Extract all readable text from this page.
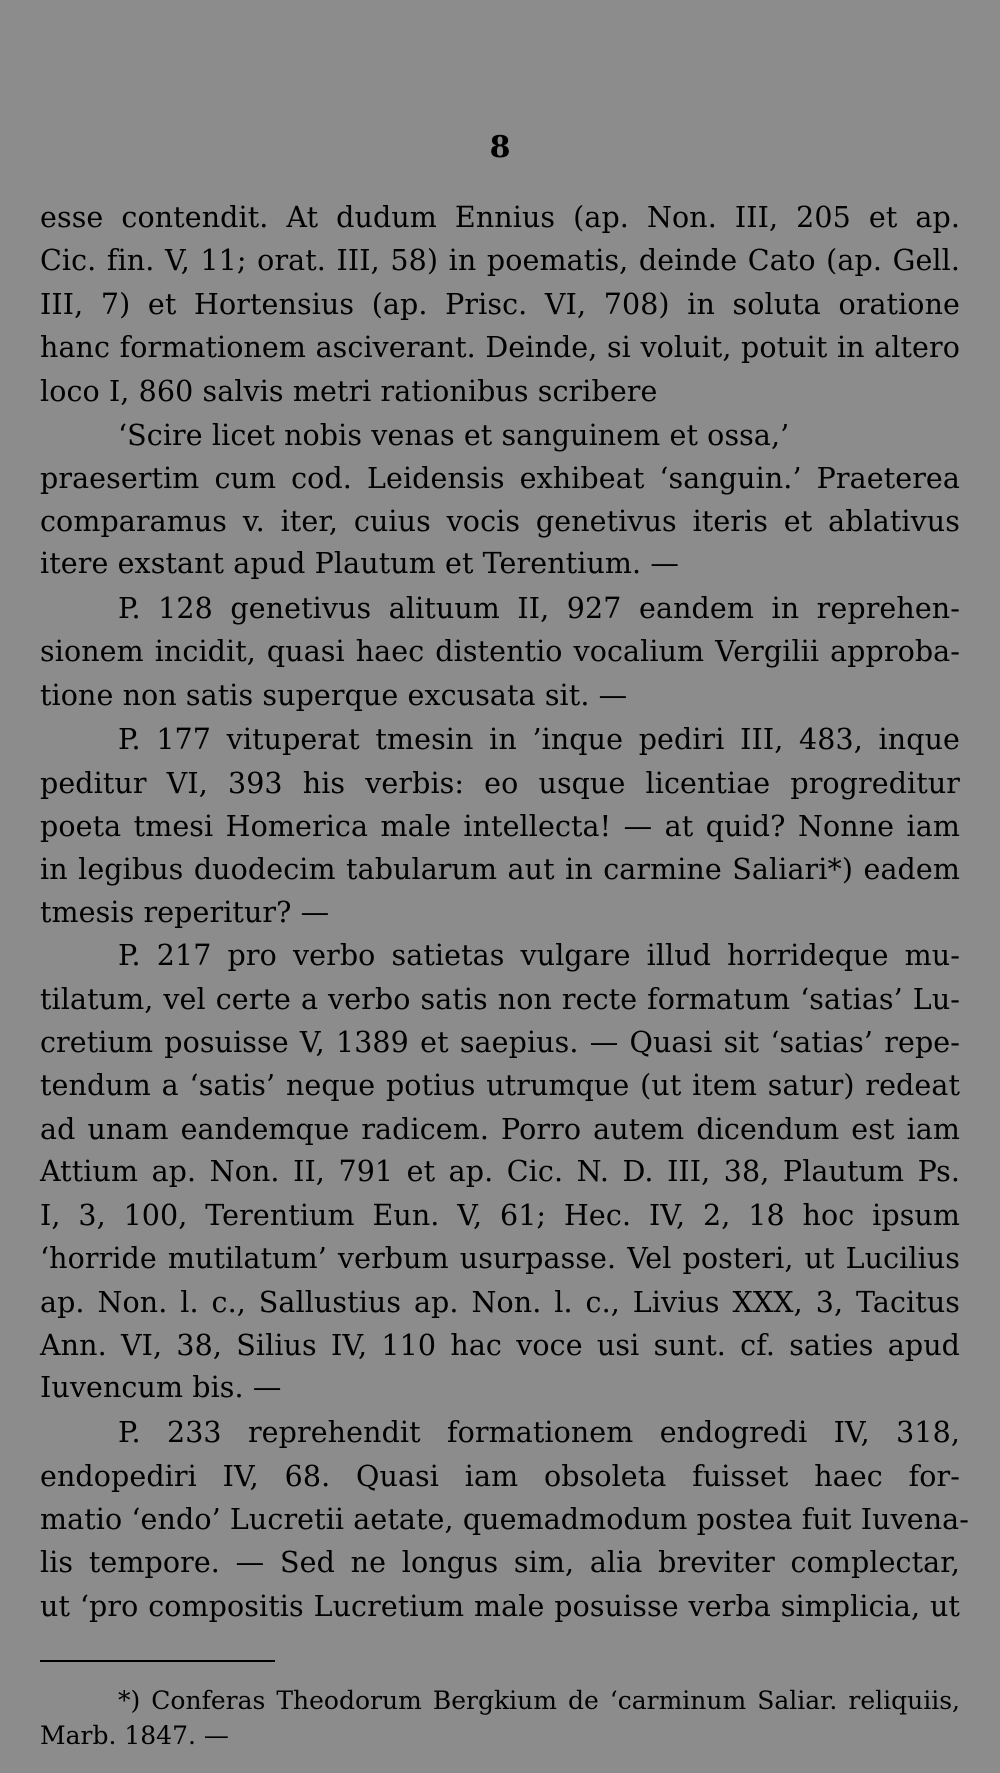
8
esse contendit. At dudum Ennius (ap. Non. III, 205 et ap.
Cic. fin. V, 11; orat. III, 58) in poematis, deinde Cato (ap. Gell.
III, 7) et Hortensius (ap. Prisc. VI, 708) in soluta oratione
hanc formationem asciverant. Deinde, si voluit, potuit in altero
loco I, 860 salvis metri rationibus scribere
‘Scire licet nobis venas et sanguinem et ossa,’
praesertim cum cod. Leidensis exhibeat ‘sanguin.’ Praeterea
comparamus v. iter, cuius vocis genetivus iteris et ablativus
itere exstant apud Plautum et Terentium. —
P. 128 genetivus alituum II, 927 eandem in reprehen-
sionem incidit, quasi haec distentio vocalium Vergilii approba-
tione non satis superque excusata sit. —
P. 177 vituperat tmesin in ’inque pediri III, 483, inque
peditur VI, 393 his verbis: eo usque licentiae progreditur
poeta tmesi Homerica male intellecta! — at quid? Nonne iam
in legibus duodecim tabularum aut in carmine Saliari*) eadem
tmesis reperitur? —
P. 217 pro verbo satietas vulgare illud horrideque mu-
tilatum, vel certe a verbo satis non recte formatum ‘satias’ Lu-
cretium posuisse V, 1389 et saepius. — Quasi sit ‘satias’ repe-
tendum a ‘satis’ neque potius utrumque (ut item satur) redeat
ad unam eandemque radicem. Porro autem dicendum est iam
Attium ap. Non. II, 791 et ap. Cic. N. D. III, 38, Plautum Ps.
I, 3, 100, Terentium Eun. V, 61; Hec. IV, 2, 18 hoc ipsum
‘horride mutilatum’ verbum usurpasse. Vel posteri, ut Lucilius
ap. Non. l. c., Sallustius ap. Non. l. c., Livius XXX, 3, Tacitus
Ann. VI, 38, Silius IV, 110 hac voce usi sunt. cf. saties apud
Iuvencum bis. —
P. 233 reprehendit formationem endogredi IV, 318,
endopediri IV, 68. Quasi iam obsoleta fuisset haec for-
matio ‘endo’ Lucretii aetate, quemadmodum postea fuit Iuvena-
lis tempore. — Sed ne longus sim, alia breviter complectar,
ut ‘pro compositis Lucretium male posuisse verba simplicia, ut
*) Conferas Theodorum Bergkium de ‘carminum Saliar. reliquiis,
Marb. 1847. —
